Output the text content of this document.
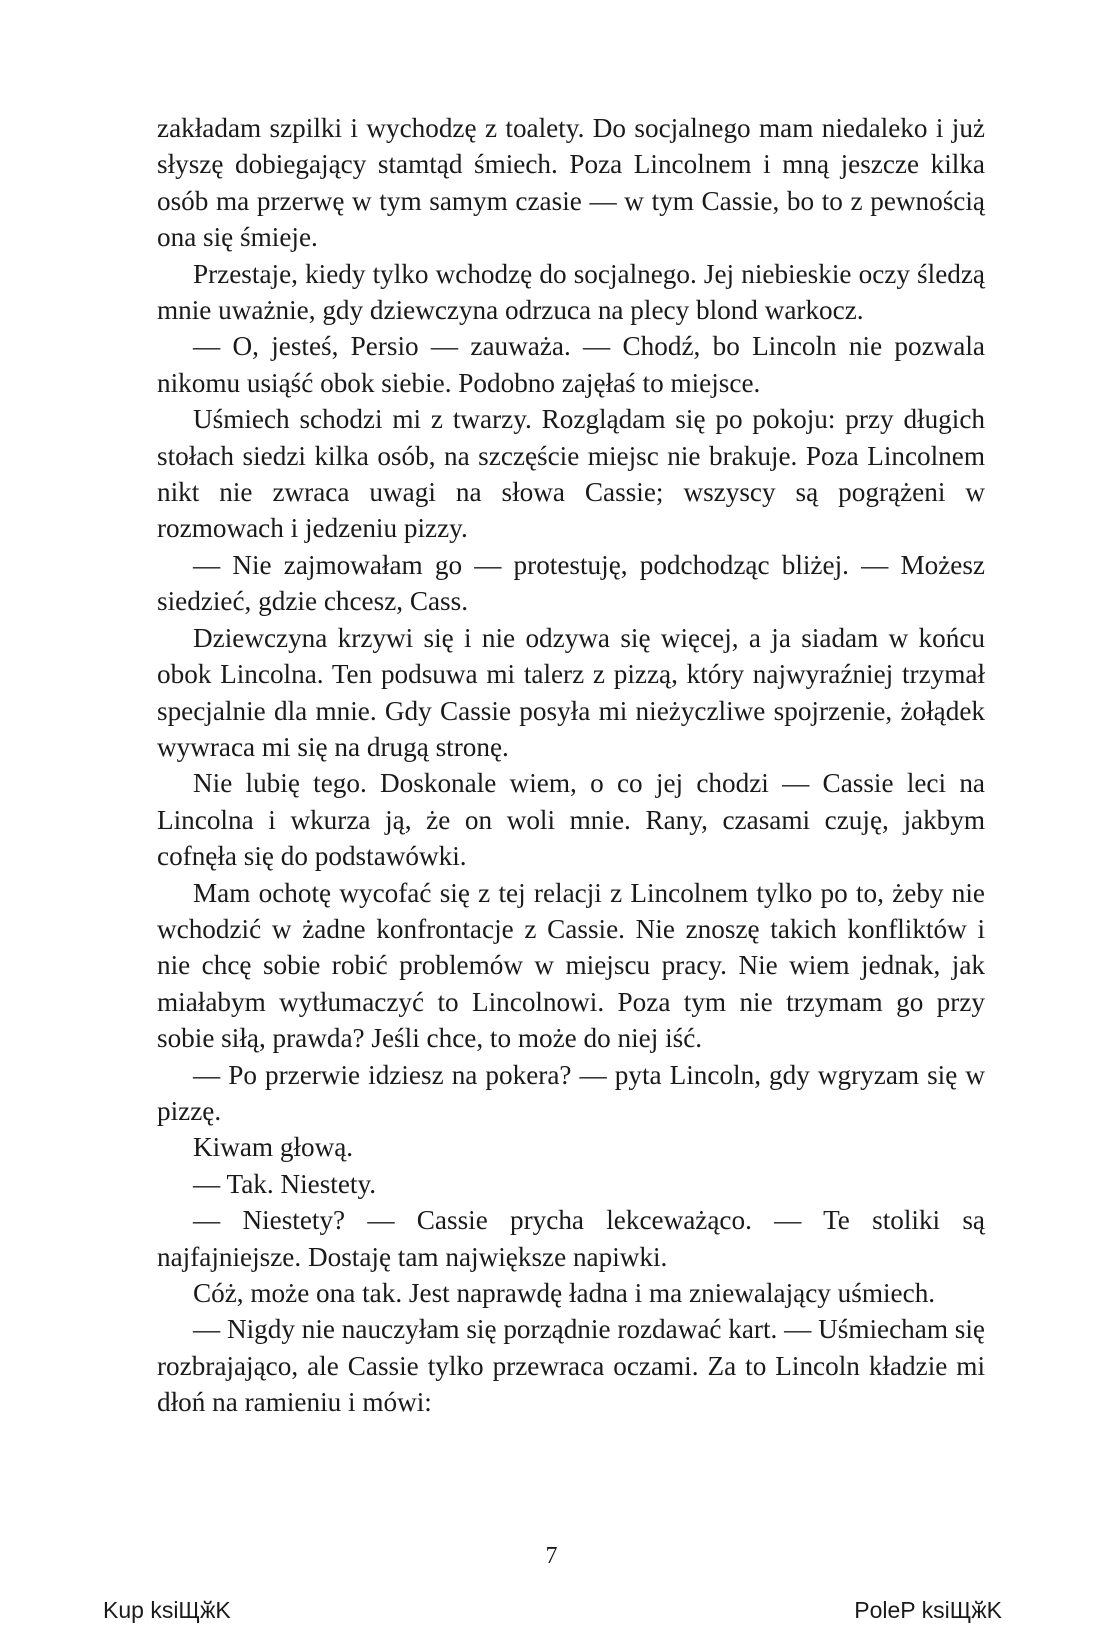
zakładam szpilki i wychodzę z toalety. Do socjalnego mam niedaleko i już słyszę dobiegający stamtąd śmiech. Poza Lincolnem i mną jeszcze kilka osób ma przerwę w tym samym czasie — w tym Cassie, bo to z pewnością ona się śmieje.

Przestaje, kiedy tylko wchodzę do socjalnego. Jej niebieskie oczy śledzą mnie uważnie, gdy dziewczyna odrzuca na plecy blond warkocz.

— O, jesteś, Persio — zauważa. — Chodź, bo Lincoln nie pozwala nikomu usiąść obok siebie. Podobno zajęłaś to miejsce.

Uśmiech schodzi mi z twarzy. Rozglądam się po pokoju: przy długich stołach siedzi kilka osób, na szczęście miejsc nie brakuje. Poza Lincolnem nikt nie zwraca uwagi na słowa Cassie; wszyscy są pogrążeni w rozmowach i jedzeniu pizzy.

— Nie zajmowałam go — protestuję, podchodząc bliżej. — Możesz siedzieć, gdzie chcesz, Cass.

Dziewczyna krzywi się i nie odzywa się więcej, a ja siadam w końcu obok Lincolna. Ten podsuwa mi talerz z pizzą, który najwyraźniej trzymał specjalnie dla mnie. Gdy Cassie posyła mi nieżyczliwe spojrzenie, żołądek wywraca mi się na drugą stronę.

Nie lubię tego. Doskonale wiem, o co jej chodzi — Cassie leci na Lincolna i wkurza ją, że on woli mnie. Rany, czasami czuję, jakbym cofnęła się do podstawówki.

Mam ochotę wycofać się z tej relacji z Lincolnem tylko po to, żeby nie wchodzić w żadne konfrontacje z Cassie. Nie znoszę takich konfliktów i nie chcę sobie robić problemów w miejscu pracy. Nie wiem jednak, jak miałabym wytłumaczyć to Lincolnowi. Poza tym nie trzymam go przy sobie siłą, prawda? Jeśli chce, to może do niej iść.

— Po przerwie idziesz na pokera? — pyta Lincoln, gdy wgryzam się w pizzę.

Kiwam głową.

— Tak. Niestety.

— Niestety? — Cassie prycha lekceważąco. — Te stoliki są najfajniejsze. Dostaję tam największe napiwki.

Cóż, może ona tak. Jest naprawdę ładna i ma zniewalający uśmiech.

— Nigdy nie nauczyłam się porządnie rozdawać kart. — Uśmiecham się rozbrajająco, ale Cassie tylko przewraca oczami. Za to Lincoln kładzie mi dłoń na ramieniu i mówi:

7
Kup ksiЩӂK	PoleP ksiЩӂK
